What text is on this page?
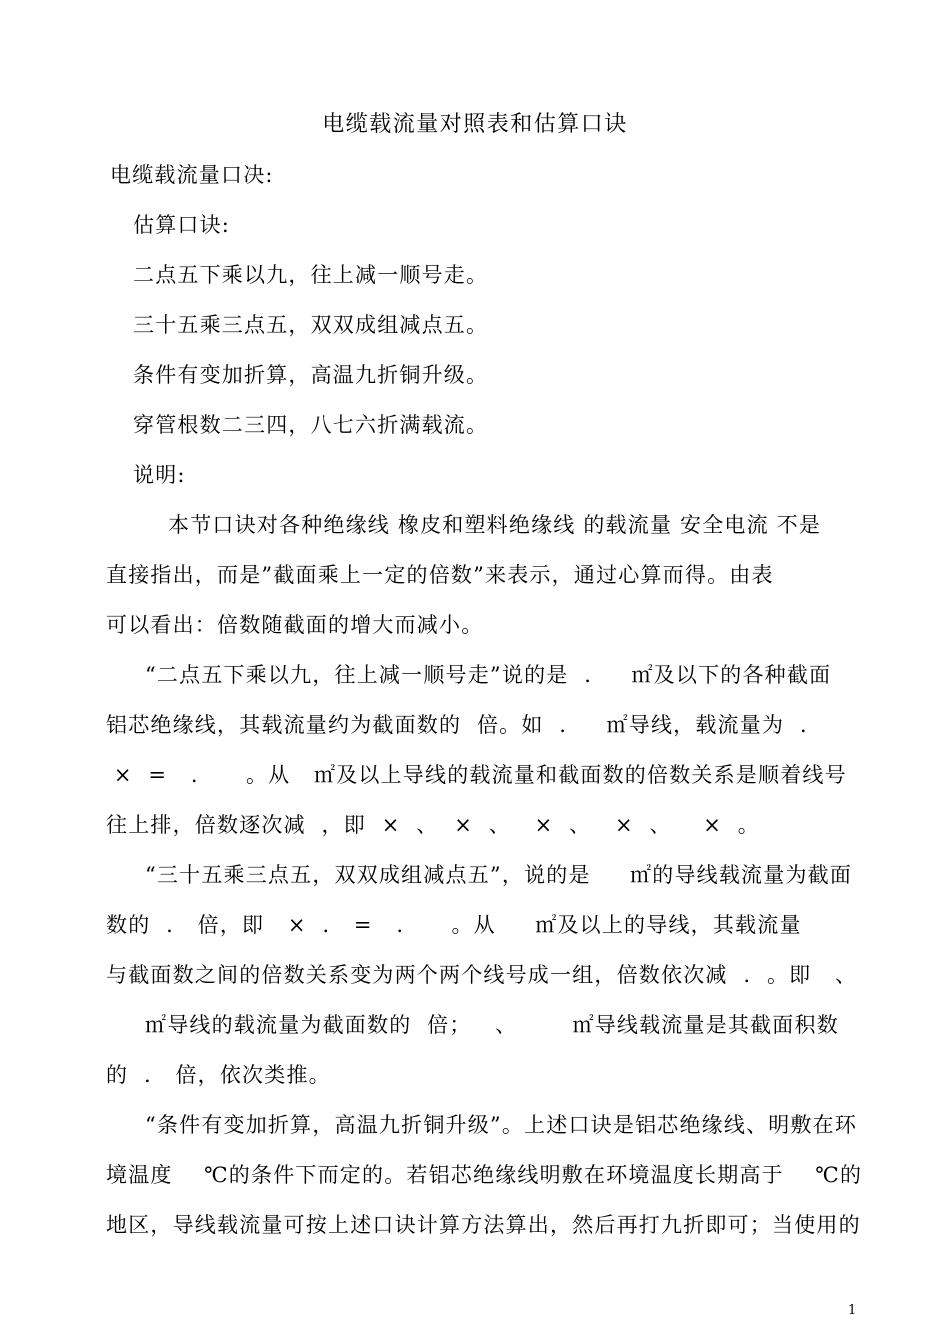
电缆载流量对照表和估算口诀
电缆载流量口决:
估算口诀:
二点五下乘以九，往上减一顺号走。
三十五乘三点五，双双成组减点五。
条件有变加折算，高温九折铜升级。
穿管根数二三四，八七六折满载流。
说明:
本节口诀对各种绝缘线 橡皮和塑料绝缘线 的载流量 安全电流 不是
直接指出，而是”截面乘上一定的倍数”来表示，通过心算而得。由表
可以看出：倍数随截面的增大而减小。
“二点五下乘以九，往上减一顺号走”说的是  .     ㎡及以下的各种截面
铝芯绝缘线，其载流量约为截面数的  倍。如  .     ㎡导线，载流量为  .
×  =   .      。从   ㎡及以上导线的载流量和截面数的倍数关系是顺着线号
往上排，倍数逐次减  ，即  ×  、  ×  、   ×  、   ×  、    ×  。
“三十五乘三点五，双双成组减点五”，说的是     ㎡的导线载流量为截面
数的  .   倍，即   ×  .   =   .      。从     ㎡及以上的导线，其载流量
与截面数之间的倍数关系变为两个两个线号成一组，倍数依次减  .  。即   、
㎡导线的载流量为截面数的  倍；   、       ㎡导线载流量是其截面积数
的  .   倍，依次类推。
“条件有变加折算，高温九折铜升级”。上述口诀是铝芯绝缘线、明敷在环
境温度    ℃的条件下而定的。若铝芯绝缘线明敷在环境温度长期高于    ℃的
地区，导线载流量可按上述口诀计算方法算出，然后再打九折即可；当使用的
1
